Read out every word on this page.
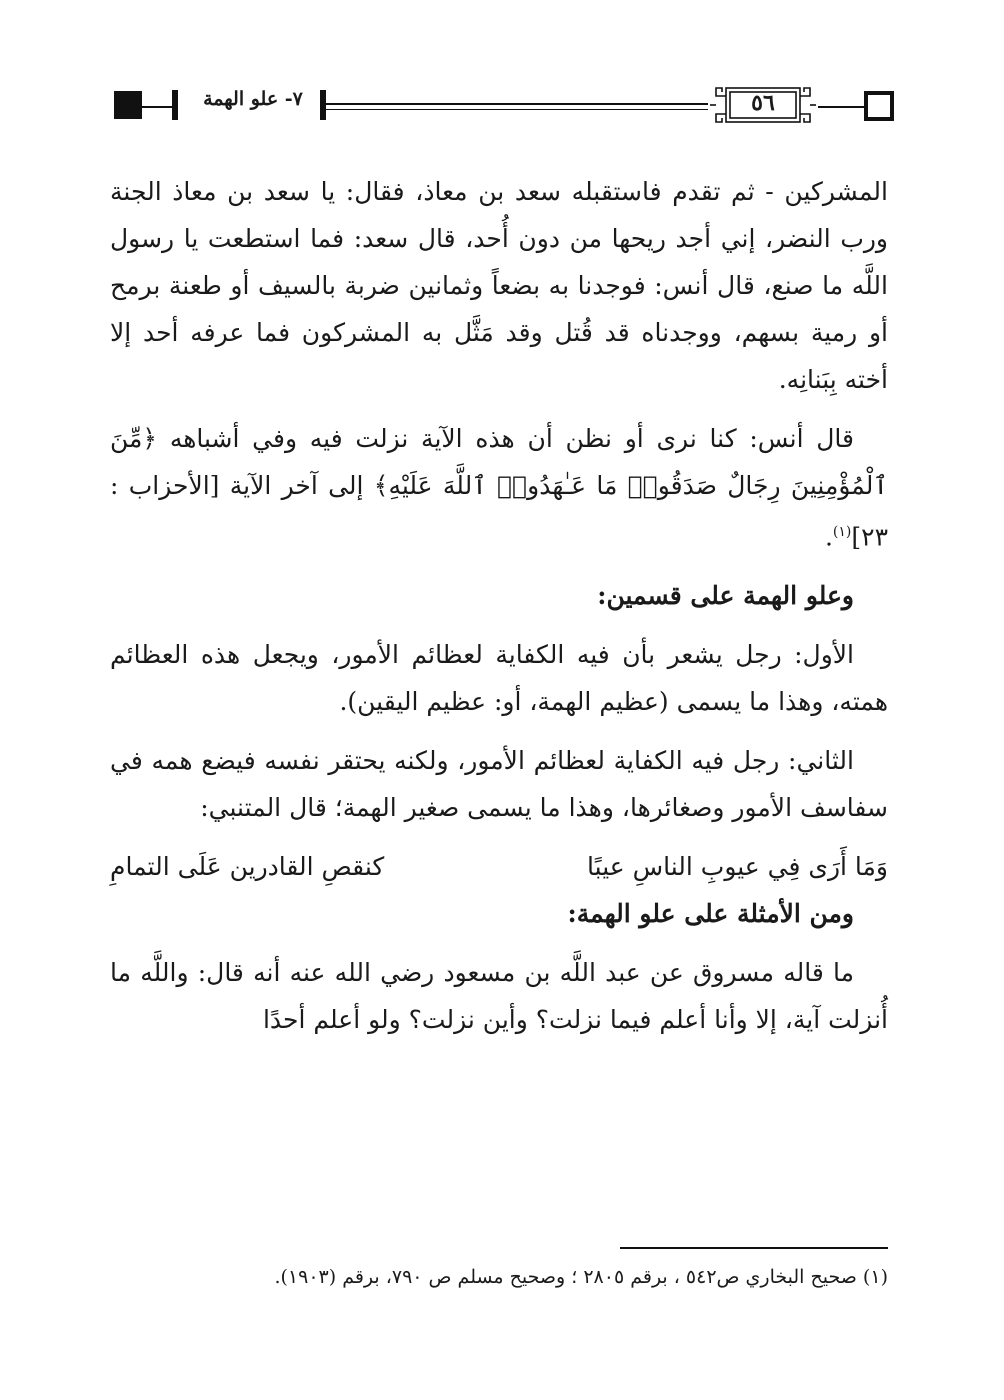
٧- علو الهمة	٥٦

المشركين - ثم تقدم فاستقبله سعد بن معاذ، فقال: يا سعد بن معاذ الجنة ورب النضر، إني أجد ريحها من دون أُحد، قال سعد: فما استطعت يا رسول اللَّه ما صنع، قال أنس: فوجدنا به بضعاً وثمانين ضربة بالسيف أو طعنة برمح أو رمية بسهم، ووجدناه قد قُتل وقد مَثَّل به المشركون فما عرفه أحد إلا أخته بِبَنانِه.

قال أنس: كنا نرى أو نظن أن هذه الآية نزلت فيه وفي أشباهه ﴿مِّنَ ٱلْمُؤْمِنِينَ رِجَالٌ صَدَقُوا۟ مَا عَـٰهَدُوا۟ ٱللَّهَ عَلَيْهِ﴾ إلى آخر الآية [الأحزاب : ٢٣]$^{(١)}$.

وعلو الهمة على قسمين:

الأول: رجل يشعر بأن فيه الكفاية لعظائم الأمور، ويجعل هذه العظائم همته، وهذا ما يسمى (عظيم الهمة، أو: عظيم اليقين).

الثاني: رجل فيه الكفاية لعظائم الأمور، ولكنه يحتقر نفسه فيضع همه في سفاسف الأمور وصغائرها، وهذا ما يسمى صغير الهمة؛ قال المتنبي:

وَمَا أَرَى فِي عيوبِ الناسِ عيبًا
كنقصِ القادرين عَلَى التمامِ

ومن الأمثلة على علو الهمة:

ما قاله مسروق عن عبد اللَّه بن مسعود رضي الله عنه أنه قال: واللَّه ما أُنزلت آية، إلا وأنا أعلم فيما نزلت؟ وأين نزلت؟ ولو أعلم أحدًا

(١) صحيح البخاري ص٥٤٢ ، برقم ٢٨٠٥ ؛ وصحيح مسلم ص ٧٩٠، برقم (١٩٠٣).
